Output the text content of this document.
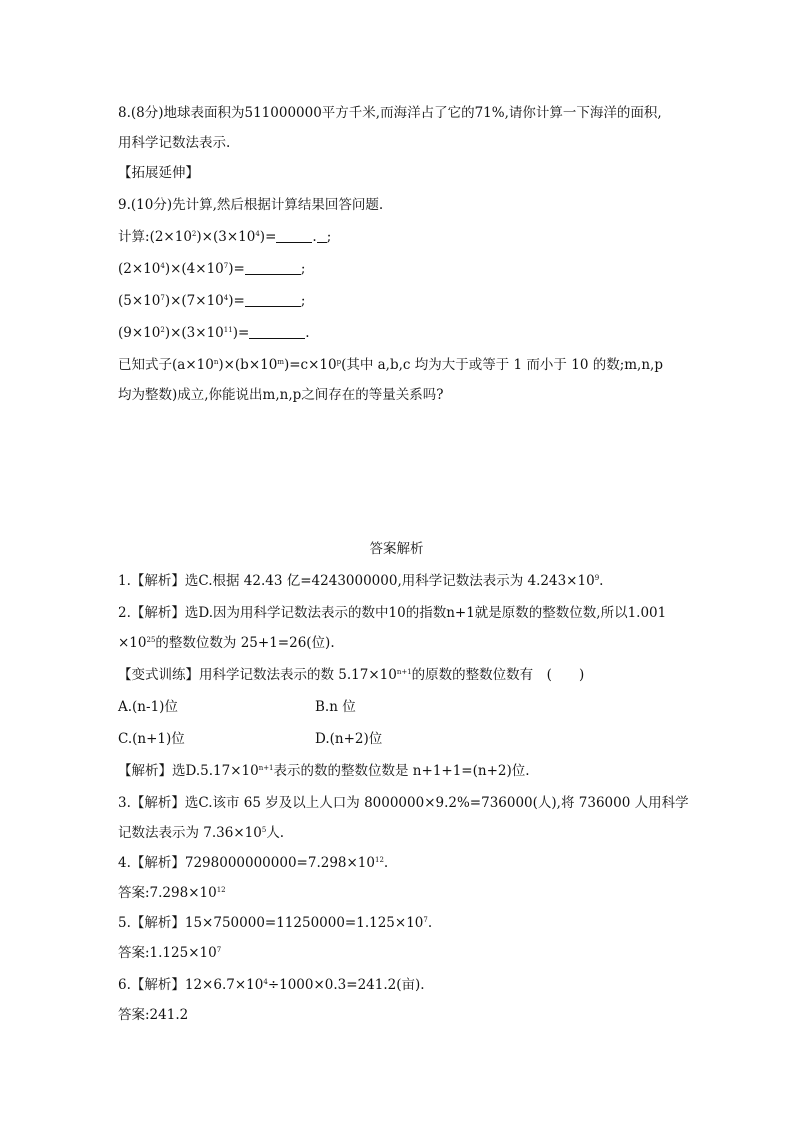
8.(8分)地球表面积为511000000平方千米,而海洋占了它的71%,请你计算一下海洋的面积,
用科学记数法表示.
【拓展延伸】
9.(10分)先计算,然后根据计算结果回答问题.
计算$:(2\times 10^2)\times(3\times 10^4)=$	. ;
$(2\times 10^4)\times(4\times 10^7)=$	;
$(5\times 10^7)\times(7\times 10^4)=$	;
$(9\times 10^2)\times(3\times 10^{11})=$	.
已知式子$(a\times 10^n)\times(b\times 10^m)=c\times 10^p$(其中 a,b,c 均为大于或等于 1 而小于 10 的数;m,n,p
均为整数)成立,你能说出m,n,p之间存在的等量关系吗?
答案解析
1.【解析】选C.根据 42.43 亿=4243000000,用科学记数法表示为 $4.243\times 10^9$.
2.【解析】选D.因为用科学记数法表示的数中10的指数n+1就是原数的整数位数,所以1.001
$\times 10^{25}$的整数位数为 25+1=26(位).
【变式训练】用科学记数法表示的数 $5.17\times 10^{n+1}$的原数的整数位数有　(　　)
A.(n-1)位	B.n 位
C.(n+1)位	D.(n+2)位
【解析】选$D.5.17\times 10^{n+1}$表示的数的整数位数是 n+1+1=(n+2)位.
3.【解析】选C.该市 65 岁及以上人口为 8000000×9.2%=736000(人),将 736000 人用科学
记数法表示为 $7.36\times 10^5$人.
4.【解析】$7298000000000=7.298\times 10^{12}$.
答案$:7.298\times 10^{12}$
5.【解析】$15\times 750000=11250000=1.125\times 10^7$.
答案$:1.125\times 10^7$
6.【解析】$12\times 6.7\times 10^4\div 1000\times 0.3=241.2$(亩).
答案:241.2
